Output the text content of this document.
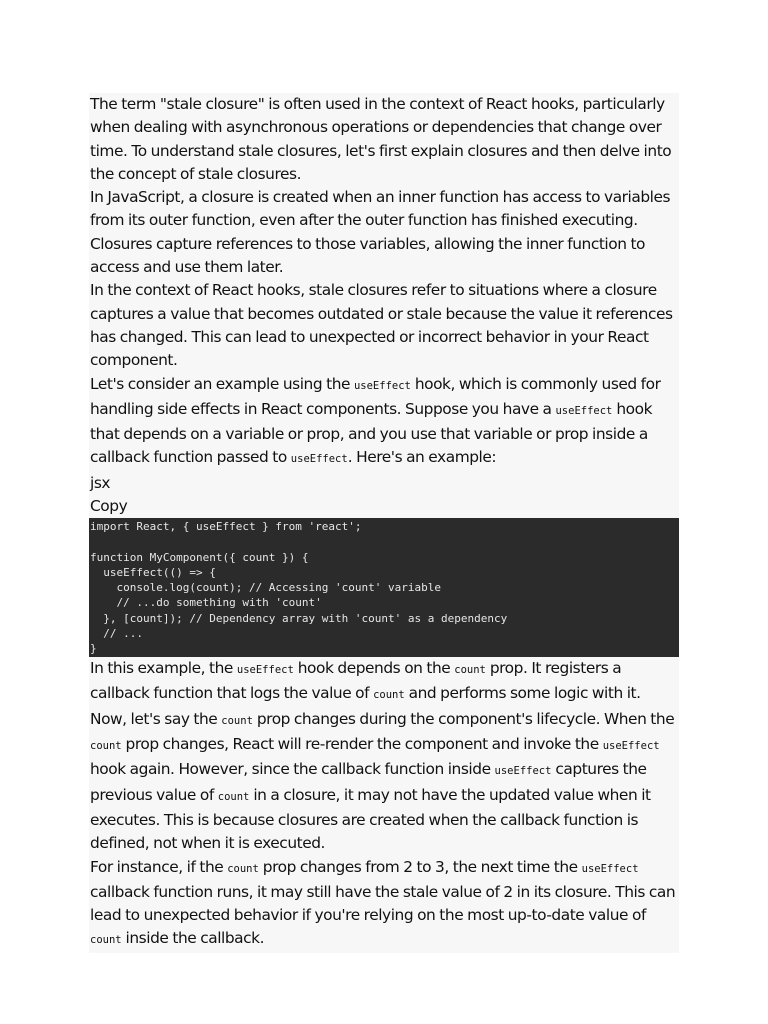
The term "stale closure" is often used in the context of React hooks, particularly when dealing with asynchronous operations or dependencies that change over time. To understand stale closures, let's first explain closures and then delve into the concept of stale closures.

In JavaScript, a closure is created when an inner function has access to variables from its outer function, even after the outer function has finished executing. Closures capture references to those variables, allowing the inner function to access and use them later.

In the context of React hooks, stale closures refer to situations where a closure captures a value that becomes outdated or stale because the value it references has changed. This can lead to unexpected or incorrect behavior in your React component.

Let's consider an example using the useEffect hook, which is commonly used for handling side effects in React components. Suppose you have a useEffect hook that depends on a variable or prop, and you use that variable or prop inside a callback function passed to useEffect. Here's an example:

jsx
Copy
import React, { useEffect } from 'react';

function MyComponent({ count }) {
useEffect(() => {
console.log(count); // Accessing 'count' variable
// ...do something with 'count'
}, [count]); // Dependency array with 'count' as a dependency
// ...
}

In this example, the useEffect hook depends on the count prop. It registers a callback function that logs the value of count and performs some logic with it. Now, let's say the count prop changes during the component's lifecycle. When the count prop changes, React will re-render the component and invoke the useEffect hook again. However, since the callback function inside useEffect captures the previous value of count in a closure, it may not have the updated value when it executes. This is because closures are created when the callback function is defined, not when it is executed.

For instance, if the count prop changes from 2 to 3, the next time the useEffect callback function runs, it may still have the stale value of 2 in its closure. This can lead to unexpected behavior if you're relying on the most up-to-date value of count inside the callback.
